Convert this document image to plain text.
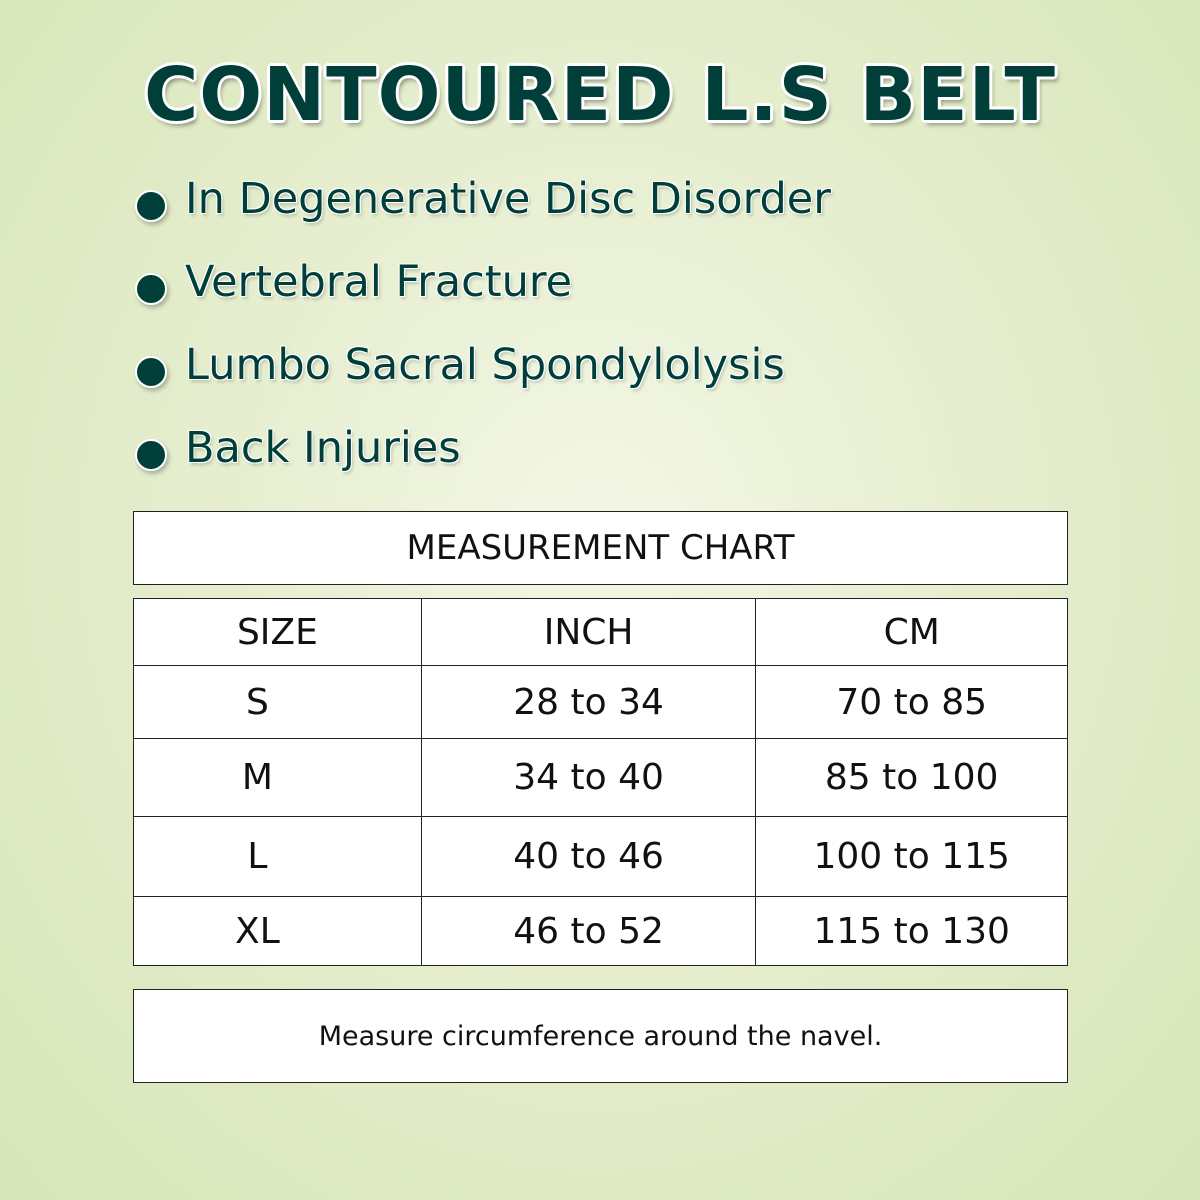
CONTOURED L.S BELT
In Degenerative Disc Disorder
Vertebral Fracture
Lumbo Sacral Spondylolysis
Back Injuries
MEASUREMENT CHART
SIZE	INCH	CM
S	28 to 34	70 to 85
M	34 to 40	85 to 100
L	40 to 46	100 to 115
XL	46 to 52	115 to 130
Measure circumference around the navel.
